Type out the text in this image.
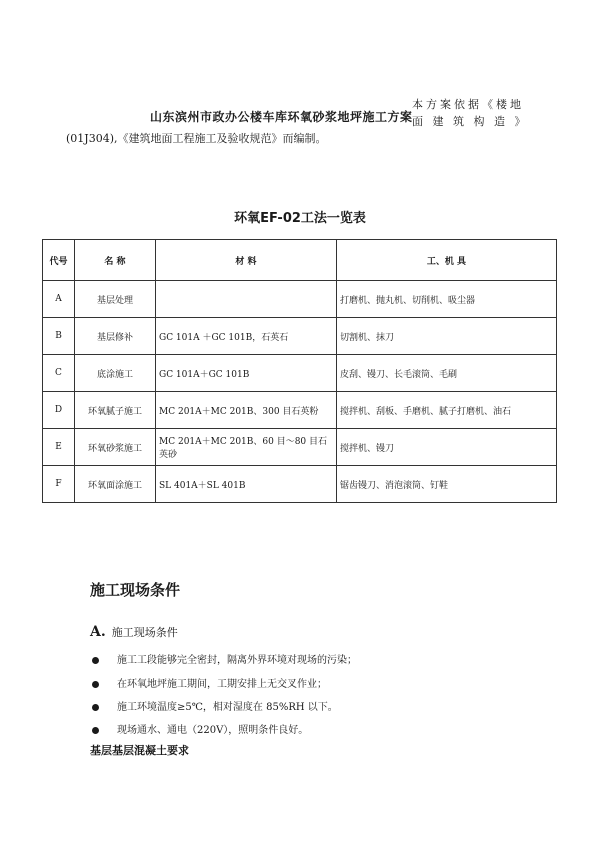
本方案依据《楼地
面 建 筑 构 造 》
山东滨州市政办公楼车库环氧砂浆地坪施工方案
(01J304),《建筑地面工程施工及验收规范》而编制。
环氧EF-02工法一览表
代号	名 称	材 料	工、机 具
A	基层处理		打磨机、抛丸机、切削机、吸尘器
B	基层修补	GC 101A ＋GC 101B，石英石	切割机、抹刀
C	底涂施工	GC 101A＋GC 101B	皮刮、镘刀、长毛滚筒、毛刷
D	环氧腻子施工	MC 201A＋MC 201B、300 目石英粉	搅拌机、刮板、手磨机、腻子打磨机、油石
E	环氧砂浆施工	MC 201A＋MC 201B、60 目～80 目石英砂	搅拌机、镘刀
F	环氧面涂施工	SL 401A＋SL 401B	锯齿镘刀、消泡滚筒、钉鞋
施工现场条件
A. 施工现场条件
施工工段能够完全密封，隔离外界环境对现场的污染；
在环氧地坪施工期间，工期安排上无交叉作业；
施工环境温度≥5℃，相对湿度在 85%RH 以下。
现场通水、通电（220V），照明条件良好。
基层基层混凝土要求
